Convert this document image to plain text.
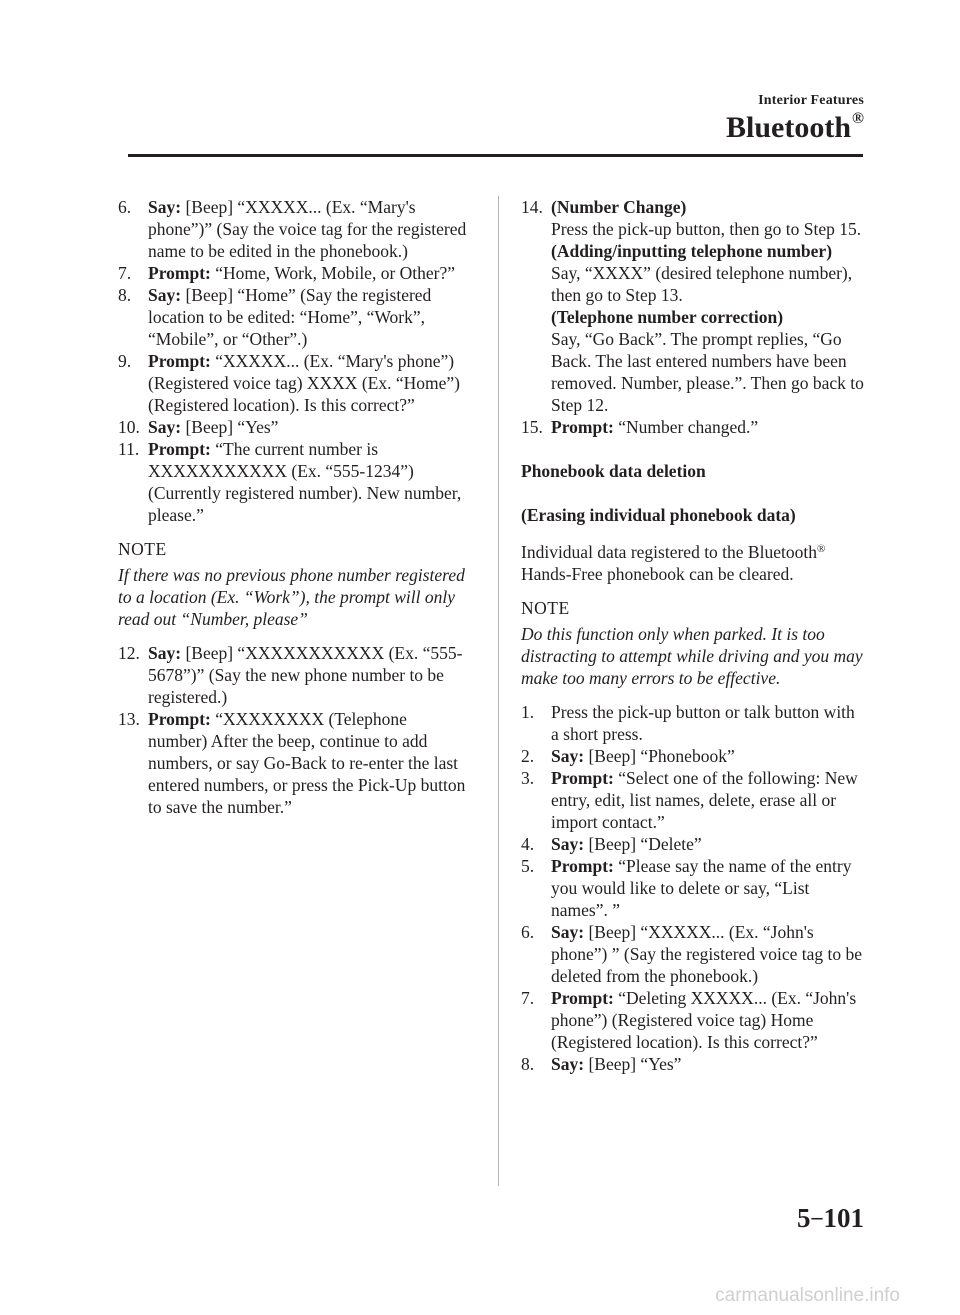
Interior Features
Bluetooth®

6. Say: [Beep] “XXXXX... (Ex. “Mary's phone”)” (Say the voice tag for the registered name to be edited in the phonebook.)

7. Prompt: “Home, Work, Mobile, or Other?”

8. Say: [Beep] “Home” (Say the registered location to be edited: “Home”, “Work”, “Mobile”, or “Other”.)

9. Prompt: “XXXXX... (Ex. “Mary's phone”) (Registered voice tag) XXXX (Ex. “Home”) (Registered location). Is this correct?”

10. Say: [Beep] “Yes”

11. Prompt: “The current number is XXXXXXXXXXX (Ex. “555-1234”) (Currently registered number). New number, please.”

NOTE

If there was no previous phone number registered to a location (Ex. “Work”), the prompt will only read out “Number, please”

12. Say: [Beep] “XXXXXXXXXXX (Ex. “555-5678”)” (Say the new phone number to be registered.)

13. Prompt: “XXXXXXXX (Telephone number) After the beep, continue to add numbers, or say Go-Back to re-enter the last entered numbers, or press the Pick-Up button to save the number.”

14. (Number Change)
Press the pick-up button, then go to Step 15.
(Adding/inputting telephone number)
Say, “XXXX” (desired telephone number), then go to Step 13.
(Telephone number correction)
Say, “Go Back”. The prompt replies, “Go Back. The last entered numbers have been removed. Number, please.”. Then go back to Step 12.

15. Prompt: “Number changed.”

Phonebook data deletion

(Erasing individual phonebook data)

Individual data registered to the Bluetooth® Hands-Free phonebook can be cleared.

NOTE

Do this function only when parked. It is too distracting to attempt while driving and you may make too many errors to be effective.

1. Press the pick-up button or talk button with a short press.

2. Say: [Beep] “Phonebook”

3. Prompt: “Select one of the following: New entry, edit, list names, delete, erase all or import contact.”

4. Say: [Beep] “Delete”

5. Prompt: “Please say the name of the entry you would like to delete or say, “List names”. ”

6. Say: [Beep] “XXXXX... (Ex. “John's phone”) ” (Say the registered voice tag to be deleted from the phonebook.)

7. Prompt: “Deleting XXXXX... (Ex. “John's phone”) (Registered voice tag) Home (Registered location). Is this correct?”

8. Say: [Beep] “Yes”

5–101
carmanualsonline.info
